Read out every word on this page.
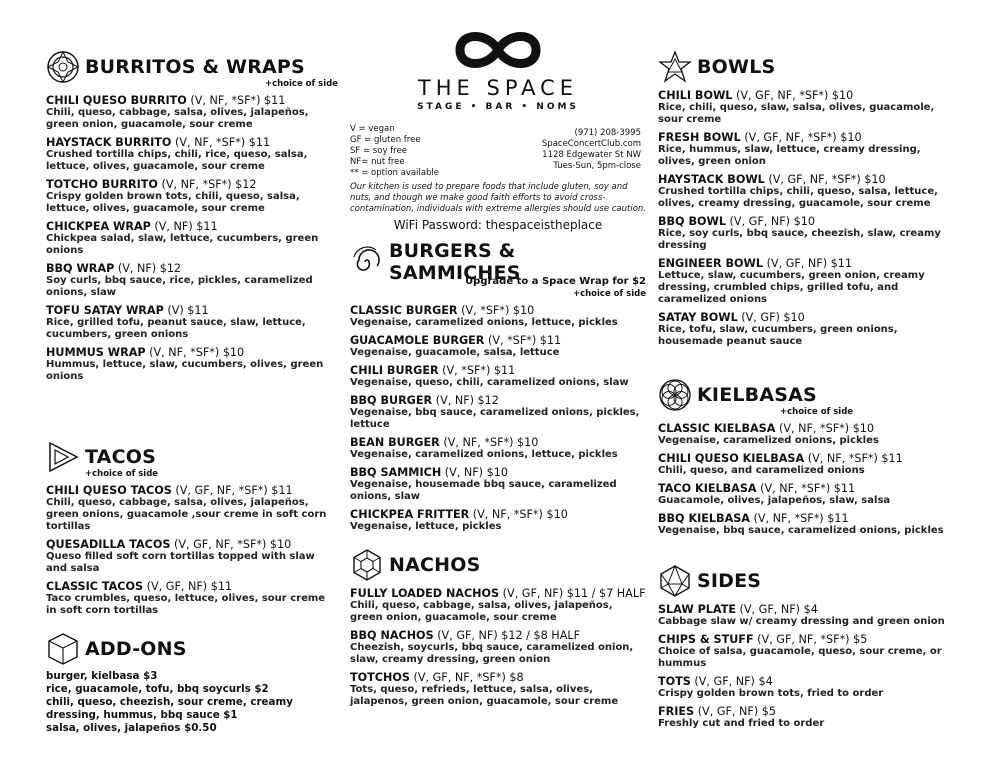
THE SPACE
STAGE • BAR • NOMS
V = vegan
GF = gluten free
SF = soy free
NF= nut free
** = option available
(971) 208-3995
SpaceConcertClub.com
1128 Edgewater St NW
Tues-Sun, 5pm-close
Our kitchen is used to prepare foods that include gluten, soy and nuts, and though we make good faith efforts to avoid cross-contamination, individuals with extreme allergies should use caution.
WiFi Password: thespaceistheplace
BURRITOS & WRAPS
+choice of side
CHILI QUESO BURRITO (V, NF, *SF*) $11
Chili, queso, cabbage, salsa, olives, jalapeños, green onion, guacamole, sour creme
HAYSTACK BURRITO (V, NF, *SF*) $11
Crushed tortilla chips, chili, rice, queso, salsa, lettuce, olives, guacamole, sour creme
TOTCHO BURRITO (V, NF, *SF*) $12
Crispy golden brown tots, chili, queso, salsa, lettuce, olives, guacamole, sour creme
CHICKPEA WRAP (V, NF) $11
Chickpea salad, slaw, lettuce, cucumbers, green onions
BBQ WRAP (V, NF) $12
Soy curls, bbq sauce, rice, pickles, caramelized onions, slaw
TOFU SATAY WRAP (V) $11
Rice, grilled tofu, peanut sauce, slaw, lettuce, cucumbers, green onions
HUMMUS WRAP (V, NF, *SF*) $10
Hummus, lettuce, slaw, cucumbers, olives, green onions
TACOS
+choice of side
CHILI QUESO TACOS (V, GF, NF, *SF*) $11
Chili, queso, cabbage, salsa, olives, jalapeños, green onions, guacamole ,sour creme in soft corn tortillas
QUESADILLA TACOS (V, GF, NF, *SF*) $10
Queso filled soft corn tortillas topped with slaw and salsa
CLASSIC TACOS (V, GF, NF) $11
Taco crumbles, queso, lettuce, olives, sour creme in soft corn tortillas
ADD-ONS
burger, kielbasa $3
rice, guacamole, tofu, bbq soycurls $2
chili, queso, cheezish, sour creme, creamy dressing, hummus, bbq sauce $1
salsa, olives, jalapeños $0.50
BURGERS & SAMMICHES
Upgrade to a Space Wrap for $2
+choice of side
CLASSIC BURGER (V, *SF*) $10
Vegenaise, caramelized onions, lettuce, pickles
GUACAMOLE BURGER (V, *SF*) $11
Vegenaise, guacamole, salsa, lettuce
CHILI BURGER (V, *SF*) $11
Vegenaise, queso, chili, caramelized onions, slaw
BBQ BURGER (V, NF) $12
Vegenaise, bbq sauce, caramelized onions, pickles, lettuce
BEAN BURGER (V, NF, *SF*) $10
Vegenaise, caramelized onions, lettuce, pickles
BBQ SAMMICH (V, NF) $10
Vegenaise, housemade bbq sauce, caramelized onions, slaw
CHICKPEA FRITTER (V, NF, *SF*) $10
Vegenaise, lettuce, pickles
NACHOS
FULLY LOADED NACHOS (V, GF, NF) $11 / $7 HALF
Chili, queso, cabbage, salsa, olives, jalapeños, green onion, guacamole, sour creme
BBQ NACHOS (V, GF, NF) $12 / $8 HALF
Cheezish, soycurls, bbq sauce, caramelized onion, slaw, creamy dressing, green onion
TOTCHOS (V, GF, NF, *SF*) $8
Tots, queso, refrieds, lettuce, salsa, olives, jalapenos, green onion, guacamole, sour creme
BOWLS
CHILI BOWL (V, GF, NF, *SF*) $10
Rice, chili, queso, slaw, salsa, olives, guacamole, sour creme
FRESH BOWL (V, GF, NF, *SF*) $10
Rice, hummus, slaw, lettuce, creamy dressing, olives, green onion
HAYSTACK BOWL (V, GF, NF, *SF*) $10
Crushed tortilla chips, chili, queso, salsa, lettuce, olives, creamy dressing, guacamole, sour creme
BBQ BOWL (V, GF, NF) $10
Rice, soy curls, bbq sauce, cheezish, slaw, creamy dressing
ENGINEER BOWL (V, GF, NF) $11
Lettuce, slaw, cucumbers, green onion, creamy dressing, crumbled chips, grilled tofu, and caramelized onions
SATAY BOWL (V, GF) $10
Rice, tofu, slaw, cucumbers, green onions, housemade peanut sauce
KIELBASAS
+choice of side
CLASSIC KIELBASA (V, NF, *SF*) $10
Vegenaise, caramelized onions, pickles
CHILI QUESO KIELBASA (V, NF, *SF*) $11
Chili, queso, and caramelized onions
TACO KIELBASA (V, NF, *SF*) $11
Guacamole, olives, jalapeños, slaw, salsa
BBQ KIELBASA (V, NF, *SF*) $11
Vegenaise, bbq sauce, caramelized onions, pickles
SIDES
SLAW PLATE (V, GF, NF) $4
Cabbage slaw w/ creamy dressing and green onion
CHIPS & STUFF (V, GF, NF, *SF*) $5
Choice of salsa, guacamole, queso, sour creme, or hummus
TOTS (V, GF, NF) $4
Crispy golden brown tots, fried to order
FRIES (V, GF, NF) $5
Freshly cut and fried to order
